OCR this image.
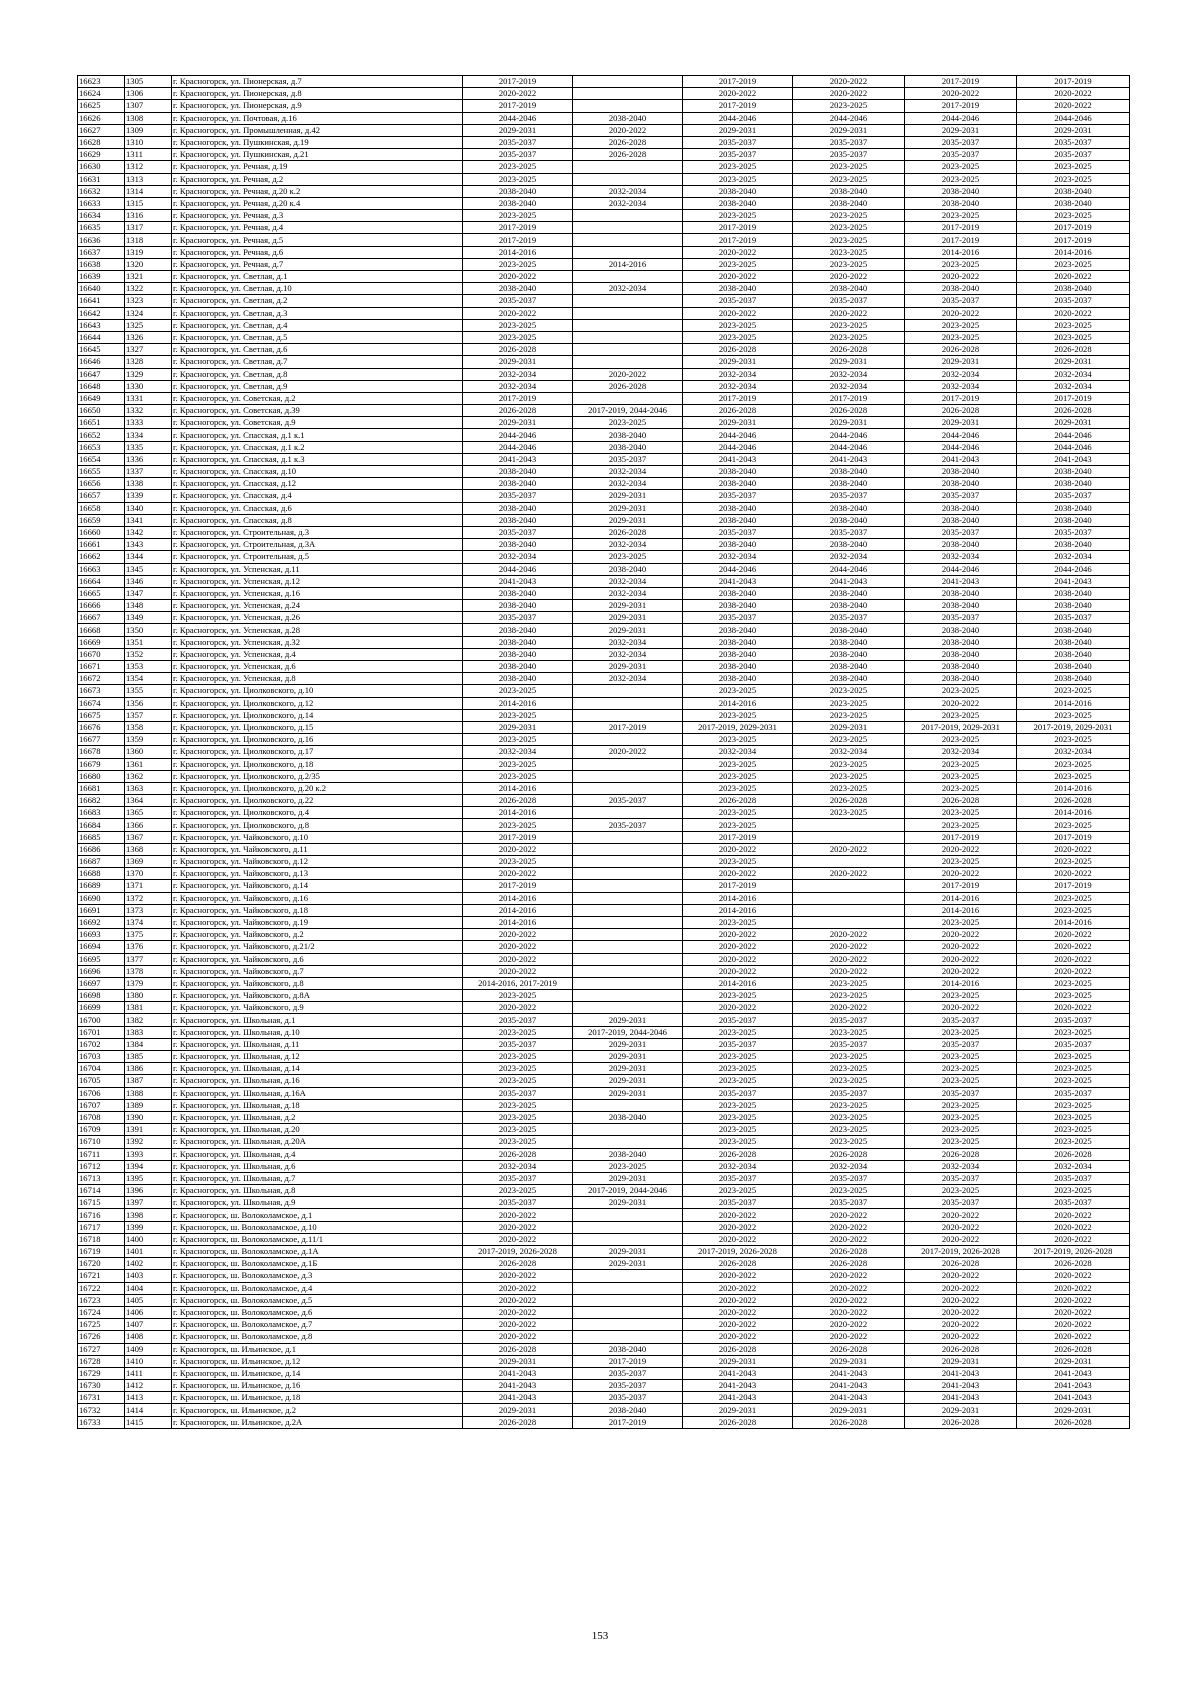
16623	1305	г. Красногорск, ул. Пионерская, д.7	2017-2019		2017-2019	2020-2022	2017-2019	2017-2019
16624	1306	г. Красногорск, ул. Пионерская, д.8	2020-2022		2020-2022	2020-2022	2020-2022	2020-2022
16625	1307	г. Красногорск, ул. Пионерская, д.9	2017-2019		2017-2019	2023-2025	2017-2019	2020-2022
16626	1308	г. Красногорск, ул. Почтовая, д.16	2044-2046	2038-2040	2044-2046	2044-2046	2044-2046	2044-2046
16627	1309	г. Красногорск, ул. Промышленная, д.42	2029-2031	2020-2022	2029-2031	2029-2031	2029-2031	2029-2031
16628	1310	г. Красногорск, ул. Пушкинская, д.19	2035-2037	2026-2028	2035-2037	2035-2037	2035-2037	2035-2037
16629	1311	г. Красногорск, ул. Пушкинская, д.21	2035-2037	2026-2028	2035-2037	2035-2037	2035-2037	2035-2037
16630	1312	г. Красногорск, ул. Речная, д.19	2023-2025		2023-2025	2023-2025	2023-2025	2023-2025
16631	1313	г. Красногорск, ул. Речная, д.2	2023-2025		2023-2025	2023-2025	2023-2025	2023-2025
16632	1314	г. Красногорск, ул. Речная, д.20 к.2	2038-2040	2032-2034	2038-2040	2038-2040	2038-2040	2038-2040
16633	1315	г. Красногорск, ул. Речная, д.20 к.4	2038-2040	2032-2034	2038-2040	2038-2040	2038-2040	2038-2040
16634	1316	г. Красногорск, ул. Речная, д.3	2023-2025		2023-2025	2023-2025	2023-2025	2023-2025
16635	1317	г. Красногорск, ул. Речная, д.4	2017-2019		2017-2019	2023-2025	2017-2019	2017-2019
16636	1318	г. Красногорск, ул. Речная, д.5	2017-2019		2017-2019	2023-2025	2017-2019	2017-2019
16637	1319	г. Красногорск, ул. Речная, д.6	2014-2016		2020-2022	2023-2025	2014-2016	2014-2016
16638	1320	г. Красногорск, ул. Речная, д.7	2023-2025	2014-2016	2023-2025	2023-2025	2023-2025	2023-2025
16639	1321	г. Красногорск, ул. Светлая, д.1	2020-2022		2020-2022	2020-2022	2020-2022	2020-2022
16640	1322	г. Красногорск, ул. Светлая, д.10	2038-2040	2032-2034	2038-2040	2038-2040	2038-2040	2038-2040
16641	1323	г. Красногорск, ул. Светлая, д.2	2035-2037		2035-2037	2035-2037	2035-2037	2035-2037
16642	1324	г. Красногорск, ул. Светлая, д.3	2020-2022		2020-2022	2020-2022	2020-2022	2020-2022
16643	1325	г. Красногорск, ул. Светлая, д.4	2023-2025		2023-2025	2023-2025	2023-2025	2023-2025
16644	1326	г. Красногорск, ул. Светлая, д.5	2023-2025		2023-2025	2023-2025	2023-2025	2023-2025
16645	1327	г. Красногорск, ул. Светлая, д.6	2026-2028		2026-2028	2026-2028	2026-2028	2026-2028
16646	1328	г. Красногорск, ул. Светлая, д.7	2029-2031		2029-2031	2029-2031	2029-2031	2029-2031
16647	1329	г. Красногорск, ул. Светлая, д.8	2032-2034	2020-2022	2032-2034	2032-2034	2032-2034	2032-2034
16648	1330	г. Красногорск, ул. Светлая, д.9	2032-2034	2026-2028	2032-2034	2032-2034	2032-2034	2032-2034
16649	1331	г. Красногорск, ул. Советская, д.2	2017-2019		2017-2019	2017-2019	2017-2019	2017-2019
16650	1332	г. Красногорск, ул. Советская, д.39	2026-2028	2017-2019, 2044-2046	2026-2028	2026-2028	2026-2028	2026-2028
16651	1333	г. Красногорск, ул. Советская, д.9	2029-2031	2023-2025	2029-2031	2029-2031	2029-2031	2029-2031
16652	1334	г. Красногорск, ул. Спасская, д.1 к.1	2044-2046	2038-2040	2044-2046	2044-2046	2044-2046	2044-2046
16653	1335	г. Красногорск, ул. Спасская, д.1 к.2	2044-2046	2038-2040	2044-2046	2044-2046	2044-2046	2044-2046
16654	1336	г. Красногорск, ул. Спасская, д.1 к.3	2041-2043	2035-2037	2041-2043	2041-2043	2041-2043	2041-2043
16655	1337	г. Красногорск, ул. Спасская, д.10	2038-2040	2032-2034	2038-2040	2038-2040	2038-2040	2038-2040
16656	1338	г. Красногорск, ул. Спасская, д.12	2038-2040	2032-2034	2038-2040	2038-2040	2038-2040	2038-2040
16657	1339	г. Красногорск, ул. Спасская, д.4	2035-2037	2029-2031	2035-2037	2035-2037	2035-2037	2035-2037
16658	1340	г. Красногорск, ул. Спасская, д.6	2038-2040	2029-2031	2038-2040	2038-2040	2038-2040	2038-2040
16659	1341	г. Красногорск, ул. Спасская, д.8	2038-2040	2029-2031	2038-2040	2038-2040	2038-2040	2038-2040
16660	1342	г. Красногорск, ул. Строительная, д.3	2035-2037	2026-2028	2035-2037	2035-2037	2035-2037	2035-2037
16661	1343	г. Красногорск, ул. Строительная, д.3А	2038-2040	2032-2034	2038-2040	2038-2040	2038-2040	2038-2040
16662	1344	г. Красногорск, ул. Строительная, д.5	2032-2034	2023-2025	2032-2034	2032-2034	2032-2034	2032-2034
16663	1345	г. Красногорск, ул. Успенская, д.11	2044-2046	2038-2040	2044-2046	2044-2046	2044-2046	2044-2046
16664	1346	г. Красногорск, ул. Успенская, д.12	2041-2043	2032-2034	2041-2043	2041-2043	2041-2043	2041-2043
16665	1347	г. Красногорск, ул. Успенская, д.16	2038-2040	2032-2034	2038-2040	2038-2040	2038-2040	2038-2040
16666	1348	г. Красногорск, ул. Успенская, д.24	2038-2040	2029-2031	2038-2040	2038-2040	2038-2040	2038-2040
16667	1349	г. Красногорск, ул. Успенская, д.26	2035-2037	2029-2031	2035-2037	2035-2037	2035-2037	2035-2037
16668	1350	г. Красногорск, ул. Успенская, д.28	2038-2040	2029-2031	2038-2040	2038-2040	2038-2040	2038-2040
16669	1351	г. Красногорск, ул. Успенская, д.32	2038-2040	2032-2034	2038-2040	2038-2040	2038-2040	2038-2040
16670	1352	г. Красногорск, ул. Успенская, д.4	2038-2040	2032-2034	2038-2040	2038-2040	2038-2040	2038-2040
16671	1353	г. Красногорск, ул. Успенская, д.6	2038-2040	2029-2031	2038-2040	2038-2040	2038-2040	2038-2040
16672	1354	г. Красногорск, ул. Успенская, д.8	2038-2040	2032-2034	2038-2040	2038-2040	2038-2040	2038-2040
16673	1355	г. Красногорск, ул. Циолковского, д.10	2023-2025		2023-2025	2023-2025	2023-2025	2023-2025
16674	1356	г. Красногорск, ул. Циолковского, д.12	2014-2016		2014-2016	2023-2025	2020-2022	2014-2016
16675	1357	г. Красногорск, ул. Циолковского, д.14	2023-2025		2023-2025	2023-2025	2023-2025	2023-2025
16676	1358	г. Красногорск, ул. Циолковского, д.15	2029-2031	2017-2019	2017-2019, 2029-2031	2029-2031	2017-2019, 2029-2031	2017-2019, 2029-2031
16677	1359	г. Красногорск, ул. Циолковского, д.16	2023-2025		2023-2025	2023-2025	2023-2025	2023-2025
16678	1360	г. Красногорск, ул. Циолковского, д.17	2032-2034	2020-2022	2032-2034	2032-2034	2032-2034	2032-2034
16679	1361	г. Красногорск, ул. Циолковского, д.18	2023-2025		2023-2025	2023-2025	2023-2025	2023-2025
16680	1362	г. Красногорск, ул. Циолковского, д.2/35	2023-2025		2023-2025	2023-2025	2023-2025	2023-2025
16681	1363	г. Красногорск, ул. Циолковского, д.20 к.2	2014-2016		2023-2025	2023-2025	2023-2025	2014-2016
16682	1364	г. Красногорск, ул. Циолковского, д.22	2026-2028	2035-2037	2026-2028	2026-2028	2026-2028	2026-2028
16683	1365	г. Красногорск, ул. Циолковского, д.4	2014-2016		2023-2025	2023-2025	2023-2025	2014-2016
16684	1366	г. Красногорск, ул. Циолковского, д.8	2023-2025	2035-2037	2023-2025		2023-2025	2023-2025
16685	1367	г. Красногорск, ул. Чайковского, д.10	2017-2019		2017-2019		2017-2019	2017-2019
16686	1368	г. Красногорск, ул. Чайковского, д.11	2020-2022		2020-2022	2020-2022	2020-2022	2020-2022
16687	1369	г. Красногорск, ул. Чайковского, д.12	2023-2025		2023-2025		2023-2025	2023-2025
16688	1370	г. Красногорск, ул. Чайковского, д.13	2020-2022		2020-2022	2020-2022	2020-2022	2020-2022
16689	1371	г. Красногорск, ул. Чайковского, д.14	2017-2019		2017-2019		2017-2019	2017-2019
16690	1372	г. Красногорск, ул. Чайковского, д.16	2014-2016		2014-2016		2014-2016	2023-2025
16691	1373	г. Красногорск, ул. Чайковского, д.18	2014-2016		2014-2016		2014-2016	2023-2025
16692	1374	г. Красногорск, ул. Чайковского, д.19	2014-2016		2023-2025		2023-2025	2014-2016
16693	1375	г. Красногорск, ул. Чайковского, д.2	2020-2022		2020-2022	2020-2022	2020-2022	2020-2022
16694	1376	г. Красногорск, ул. Чайковского, д.21/2	2020-2022		2020-2022	2020-2022	2020-2022	2020-2022
16695	1377	г. Красногорск, ул. Чайковского, д.6	2020-2022		2020-2022	2020-2022	2020-2022	2020-2022
16696	1378	г. Красногорск, ул. Чайковского, д.7	2020-2022		2020-2022	2020-2022	2020-2022	2020-2022
16697	1379	г. Красногорск, ул. Чайковского, д.8	2014-2016, 2017-2019		2014-2016	2023-2025	2014-2016	2023-2025
16698	1380	г. Красногорск, ул. Чайковского, д.8А	2023-2025		2023-2025	2023-2025	2023-2025	2023-2025
16699	1381	г. Красногорск, ул. Чайковского, д.9	2020-2022		2020-2022	2020-2022	2020-2022	2020-2022
16700	1382	г. Красногорск, ул. Школьная, д.1	2035-2037	2029-2031	2035-2037	2035-2037	2035-2037	2035-2037
16701	1383	г. Красногорск, ул. Школьная, д.10	2023-2025	2017-2019, 2044-2046	2023-2025	2023-2025	2023-2025	2023-2025
16702	1384	г. Красногорск, ул. Школьная, д.11	2035-2037	2029-2031	2035-2037	2035-2037	2035-2037	2035-2037
16703	1385	г. Красногорск, ул. Школьная, д.12	2023-2025	2029-2031	2023-2025	2023-2025	2023-2025	2023-2025
16704	1386	г. Красногорск, ул. Школьная, д.14	2023-2025	2029-2031	2023-2025	2023-2025	2023-2025	2023-2025
16705	1387	г. Красногорск, ул. Школьная, д.16	2023-2025	2029-2031	2023-2025	2023-2025	2023-2025	2023-2025
16706	1388	г. Красногорск, ул. Школьная, д.16А	2035-2037	2029-2031	2035-2037	2035-2037	2035-2037	2035-2037
16707	1389	г. Красногорск, ул. Школьная, д.18	2023-2025		2023-2025	2023-2025	2023-2025	2023-2025
16708	1390	г. Красногорск, ул. Школьная, д.2	2023-2025	2038-2040	2023-2025	2023-2025	2023-2025	2023-2025
16709	1391	г. Красногорск, ул. Школьная, д.20	2023-2025		2023-2025	2023-2025	2023-2025	2023-2025
16710	1392	г. Красногорск, ул. Школьная, д.20А	2023-2025		2023-2025	2023-2025	2023-2025	2023-2025
16711	1393	г. Красногорск, ул. Школьная, д.4	2026-2028	2038-2040	2026-2028	2026-2028	2026-2028	2026-2028
16712	1394	г. Красногорск, ул. Школьная, д.6	2032-2034	2023-2025	2032-2034	2032-2034	2032-2034	2032-2034
16713	1395	г. Красногорск, ул. Школьная, д.7	2035-2037	2029-2031	2035-2037	2035-2037	2035-2037	2035-2037
16714	1396	г. Красногорск, ул. Школьная, д.8	2023-2025	2017-2019, 2044-2046	2023-2025	2023-2025	2023-2025	2023-2025
16715	1397	г. Красногорск, ул. Школьная, д.9	2035-2037	2029-2031	2035-2037	2035-2037	2035-2037	2035-2037
16716	1398	г. Красногорск, ш. Волоколамское, д.1	2020-2022		2020-2022	2020-2022	2020-2022	2020-2022
16717	1399	г. Красногорск, ш. Волоколамское, д.10	2020-2022		2020-2022	2020-2022	2020-2022	2020-2022
16718	1400	г. Красногорск, ш. Волоколамское, д.11/1	2020-2022		2020-2022	2020-2022	2020-2022	2020-2022
16719	1401	г. Красногорск, ш. Волоколамское, д.1А	2017-2019, 2026-2028	2029-2031	2017-2019, 2026-2028	2026-2028	2017-2019, 2026-2028	2017-2019, 2026-2028
16720	1402	г. Красногорск, ш. Волоколамское, д.1Б	2026-2028	2029-2031	2026-2028	2026-2028	2026-2028	2026-2028
16721	1403	г. Красногорск, ш. Волоколамское, д.3	2020-2022		2020-2022	2020-2022	2020-2022	2020-2022
16722	1404	г. Красногорск, ш. Волоколамское, д.4	2020-2022		2020-2022	2020-2022	2020-2022	2020-2022
16723	1405	г. Красногорск, ш. Волоколамское, д.5	2020-2022		2020-2022	2020-2022	2020-2022	2020-2022
16724	1406	г. Красногорск, ш. Волоколамское, д.6	2020-2022		2020-2022	2020-2022	2020-2022	2020-2022
16725	1407	г. Красногорск, ш. Волоколамское, д.7	2020-2022		2020-2022	2020-2022	2020-2022	2020-2022
16726	1408	г. Красногорск, ш. Волоколамское, д.8	2020-2022		2020-2022	2020-2022	2020-2022	2020-2022
16727	1409	г. Красногорск, ш. Ильинское, д.1	2026-2028	2038-2040	2026-2028	2026-2028	2026-2028	2026-2028
16728	1410	г. Красногорск, ш. Ильинское, д.12	2029-2031	2017-2019	2029-2031	2029-2031	2029-2031	2029-2031
16729	1411	г. Красногорск, ш. Ильинское, д.14	2041-2043	2035-2037	2041-2043	2041-2043	2041-2043	2041-2043
16730	1412	г. Красногорск, ш. Ильинское, д.16	2041-2043	2035-2037	2041-2043	2041-2043	2041-2043	2041-2043
16731	1413	г. Красногорск, ш. Ильинское, д.18	2041-2043	2035-2037	2041-2043	2041-2043	2041-2043	2041-2043
16732	1414	г. Красногорск, ш. Ильинское, д.2	2029-2031	2038-2040	2029-2031	2029-2031	2029-2031	2029-2031
16733	1415	г. Красногорск, ш. Ильинское, д.2А	2026-2028	2017-2019	2026-2028	2026-2028	2026-2028	2026-2028
153
